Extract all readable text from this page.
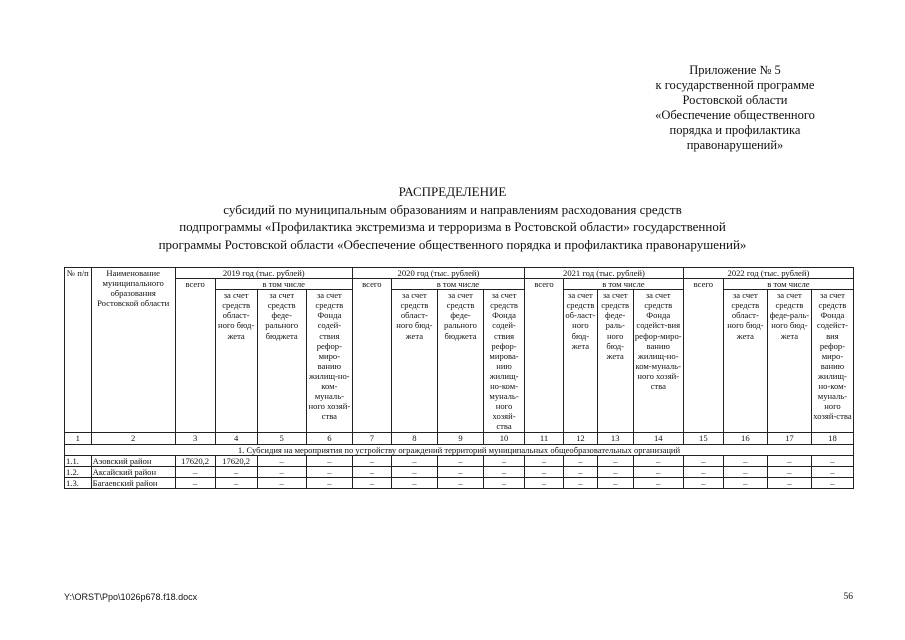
Приложение № 5
к государственной программе
Ростовской области
«Обеспечение общественного
порядка и профилактика
правонарушений»
РАСПРЕДЕЛЕНИЕ
субсидий по муниципальным образованиям и направлениям расходования средств
подпрограммы «Профилактика экстремизма и терроризма в Ростовской области» государственной
программы Ростовской области «Обеспечение общественного порядка и профилактика правонарушений»
№ п/п	Наименование муниципального образования Ростовской области	2019 год (тыс. рублей)				2020 год (тыс. рублей)				2021 год (тыс. рублей)				2022 год (тыс. рублей)			
		всего	в том числе			всего	в том числе			всего	в том числе			всего	в том числе		
			за счет средств област-ного бюд-жета	за счет средств феде-рального бюджета	за счет средств Фонда содей-ствия рефор-миро-ванию жилищ-но-ком-муналь-ного хозяй-ства		за счет средств област-ного бюд-жета	за счет средств феде-рального бюджета	за счет средств Фонда содей-ствия рефор-мирова-нию жилищ-но-ком-муналь-ного хозяй-ства		за счет средств об-ласт-ного бюд-жета	за счет средств феде-раль-ного бюд-жета	за счет средств Фонда содейст-вия рефор-миро-ванию жилищ-но-ком-муналь-ного хозяй-ства		за счет средств област-ного бюд-жета	за счет средств феде-раль-ного бюд-жета	за счет средств Фонда содейст-вия рефор-миро-ванию жилищ-но-ком-муналь-ного хозяй-ства
1	2	3	4	5	6	7	8	9	10	11	12	13	14	15	16	17	18
1. Субсидия на мероприятия по устройству ограждений территорий муниципальных общеобразовательных организаций																	
1.1.	Азовский район	17620,2	17620,2	–	–	–	–	–	–	–	–	–	–	–	–	–	–
1.2.	Аксайский район	–	–	–	–	–	–	–	–	–	–	–	–	–	–	–	–
1.3.	Багаевский район	–	–	–	–	–	–	–	–	–	–	–	–	–	–	–	–
Y:\ORST\Ppo\1026p678.f18.docx	56
